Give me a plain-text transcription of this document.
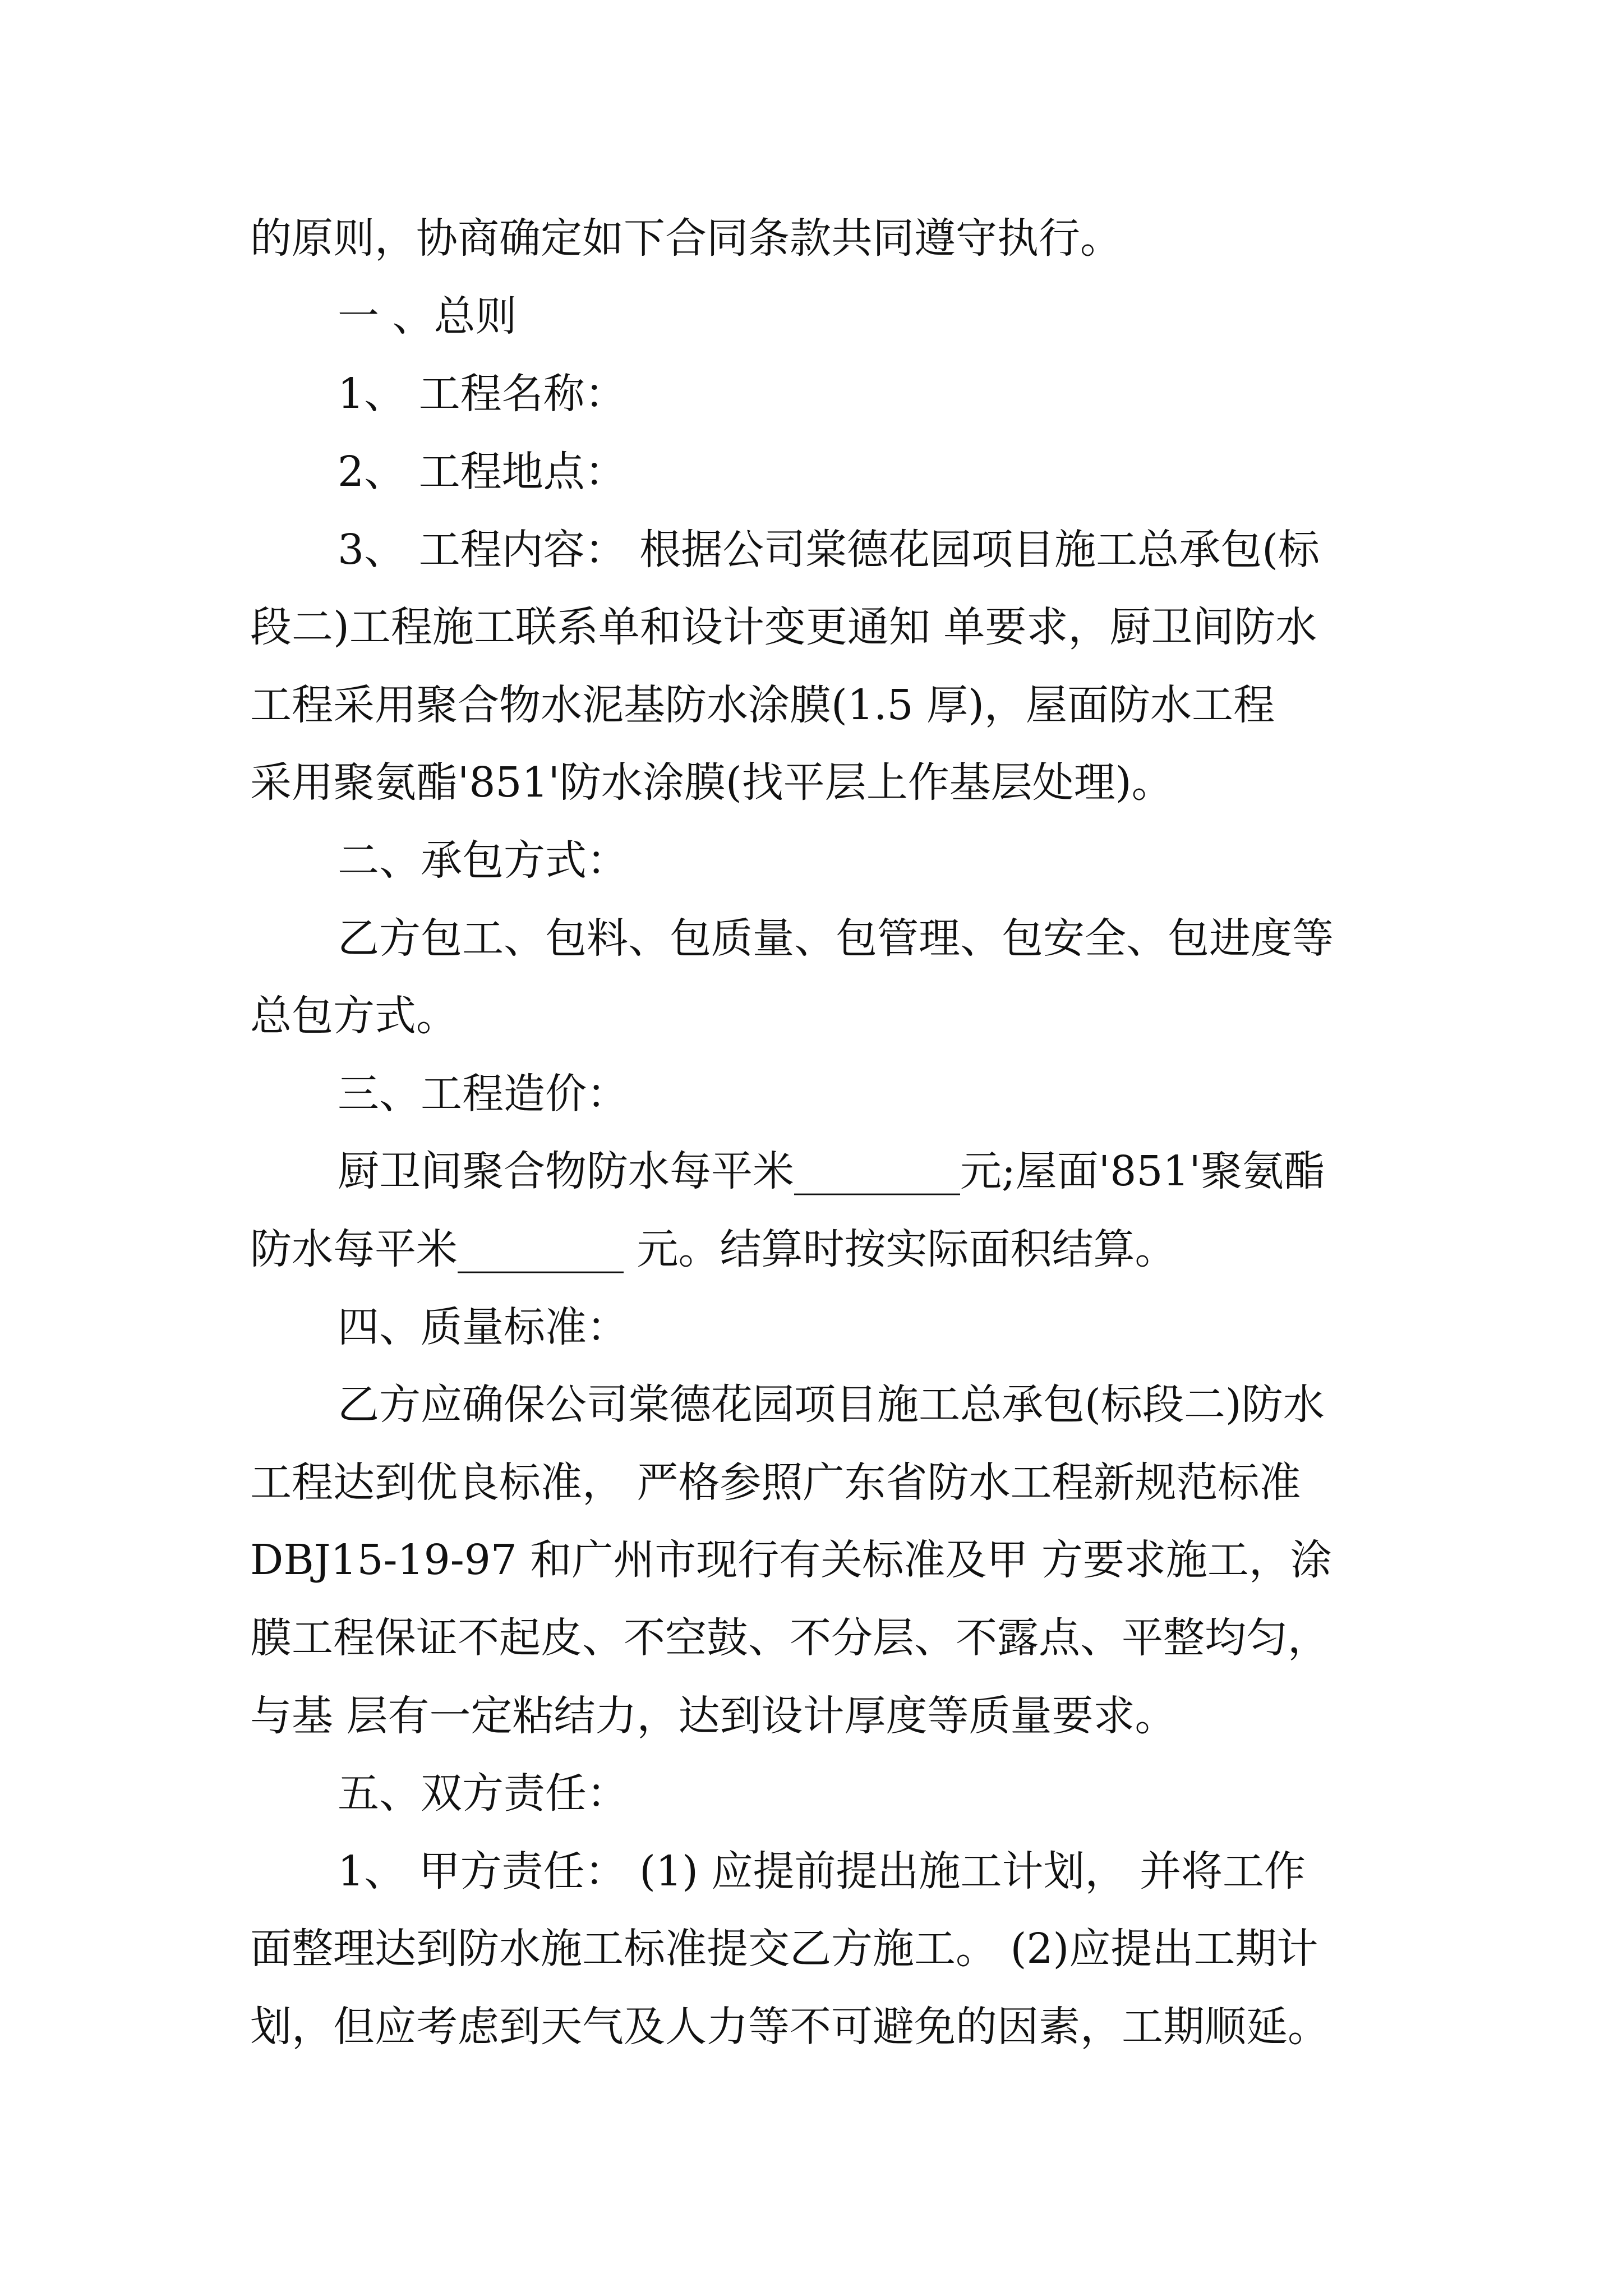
的原则，协商确定如下合同条款共同遵守执行。
一 、总则
1、 工程名称：
2、 工程地点：
3、 工程内容： 根据公司棠德花园项目施工总承包(标
段二)工程施工联系单和设计变更通知 单要求，厨卫间防水
工程采用聚合物水泥基防水涂膜(1.5 厚)，屋面防水工程
采用聚氨酯'851'防水涂膜(找平层上作基层处理)。
二、承包方式：
乙方包工、包料、包质量、包管理、包安全、包进度等
总包方式。
三、工程造价：
厨卫间聚合物防水每平米________元;屋面'851'聚氨酯
防水每平米________ 元。结算时按实际面积结算。
四、质量标准：
乙方应确保公司棠德花园项目施工总承包(标段二)防水
工程达到优良标准， 严格参照广东省防水工程新规范标准
DBJ15-19-97 和广州市现行有关标准及甲 方要求施工，涂
膜工程保证不起皮、不空鼓、不分层、不露点、平整均匀，
与基 层有一定粘结力，达到设计厚度等质量要求。
五、双方责任：
1、 甲方责任： (1) 应提前提出施工计划， 并将工作
面整理达到防水施工标准提交乙方施工。 (2)应提出工期计
划，但应考虑到天气及人力等不可避免的因素，工期顺延。
